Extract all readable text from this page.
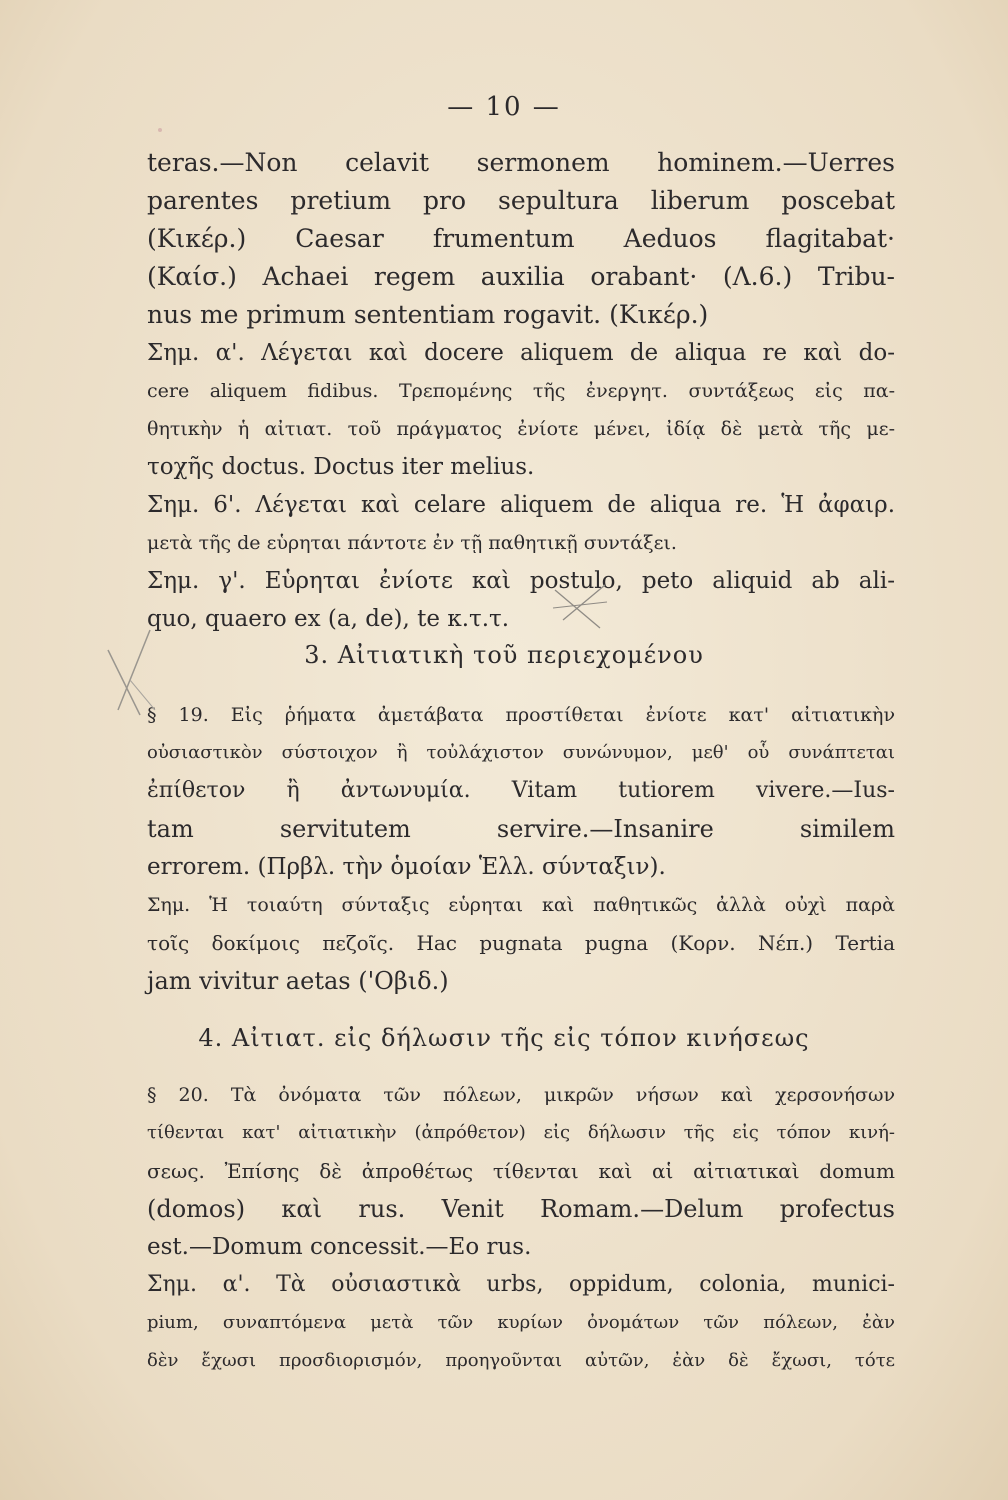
— 10 —
teras.—Non celavit sermonem hominem.—Uerres
parentes pretium pro sepultura liberum poscebat
(Κικέρ.) Caesar frumentum Aeduos flagitabat·
(Καίσ.) Achaei regem auxilia orabant· (Λ.6.) Tribu-
nus me primum sententiam rogavit. (Κικέρ.)
Σημ. α'. Λέγεται καὶ docere aliquem de aliqua re καὶ do-
cere aliquem fidibus. Τρεπομένης τῆς ἐνεργητ. συντάξεως εἰς πα-
θητικὴν ἡ αἰτιατ. τοῦ πράγματος ἐνίοτε μένει, ἰδίᾳ δὲ μετὰ τῆς με-
τοχῆς doctus. Doctus iter melius.
Σημ. 6'. Λέγεται καὶ celare aliquem de aliqua re. Ἡ ἀφαιρ.
μετὰ τῆς de εὑρηται πάντοτε ἐν τῇ παθητικῇ συντάξει.
Σημ. γ'. Εὑρηται ἐνίοτε καὶ postulo, peto aliquid ab ali-
quo, quaero ex (a, de), te κ.τ.τ.
3. Αἰτιατικὴ τοῦ περιεχομένου
§ 19. Εἰς ῥήματα ἀμετάβατα προστίθεται ἐνίοτε κατ' αἰτιατικὴν
οὐσιαστικὸν σύστοιχον ἢ τοὐλάχιστον συνώνυμον, μεθ' οὗ συνάπτεται
ἐπίθετον ἢ ἀντωνυμία. Vitam tutiorem vivere.—Ius-
tam servitutem servire.—Insanire similem
errorem. (Πρβλ. τὴν ὁμοίαν Ἑλλ. σύνταξιν).
Σημ. Ἡ τοιαύτη σύνταξις εὑρηται καὶ παθητικῶς ἀλλὰ οὐχὶ παρὰ
τοῖς δοκίμοις πεζοῖς. Hac pugnata pugna (Κορν. Νέπ.) Tertia
jam vivitur aetas ('Οβιδ.)
4. Αἰτιατ. εἰς δήλωσιν τῆς εἰς τόπον κινήσεως
§ 20. Τὰ ὀνόματα τῶν πόλεων, μικρῶν νήσων καὶ χερσονήσων
τίθενται κατ' αἰτιατικὴν (ἀπρόθετον) εἰς δήλωσιν τῆς εἰς τόπον κινή-
σεως. Ἐπίσης δὲ ἀπροθέτως τίθενται καὶ αἱ αἰτιατικαὶ domum
(domos) καὶ rus. Venit Romam.—Delum profectus
est.—Domum concessit.—Eo rus.
Σημ. α'. Τὰ οὐσιαστικὰ urbs, oppidum, colonia, munici-
pium, συναπτόμενα μετὰ τῶν κυρίων ὀνομάτων τῶν πόλεων, ἐὰν
δὲν ἔχωσι προσδιορισμόν, προηγοῦνται αὐτῶν, ἐὰν δὲ ἔχωσι, τότε
